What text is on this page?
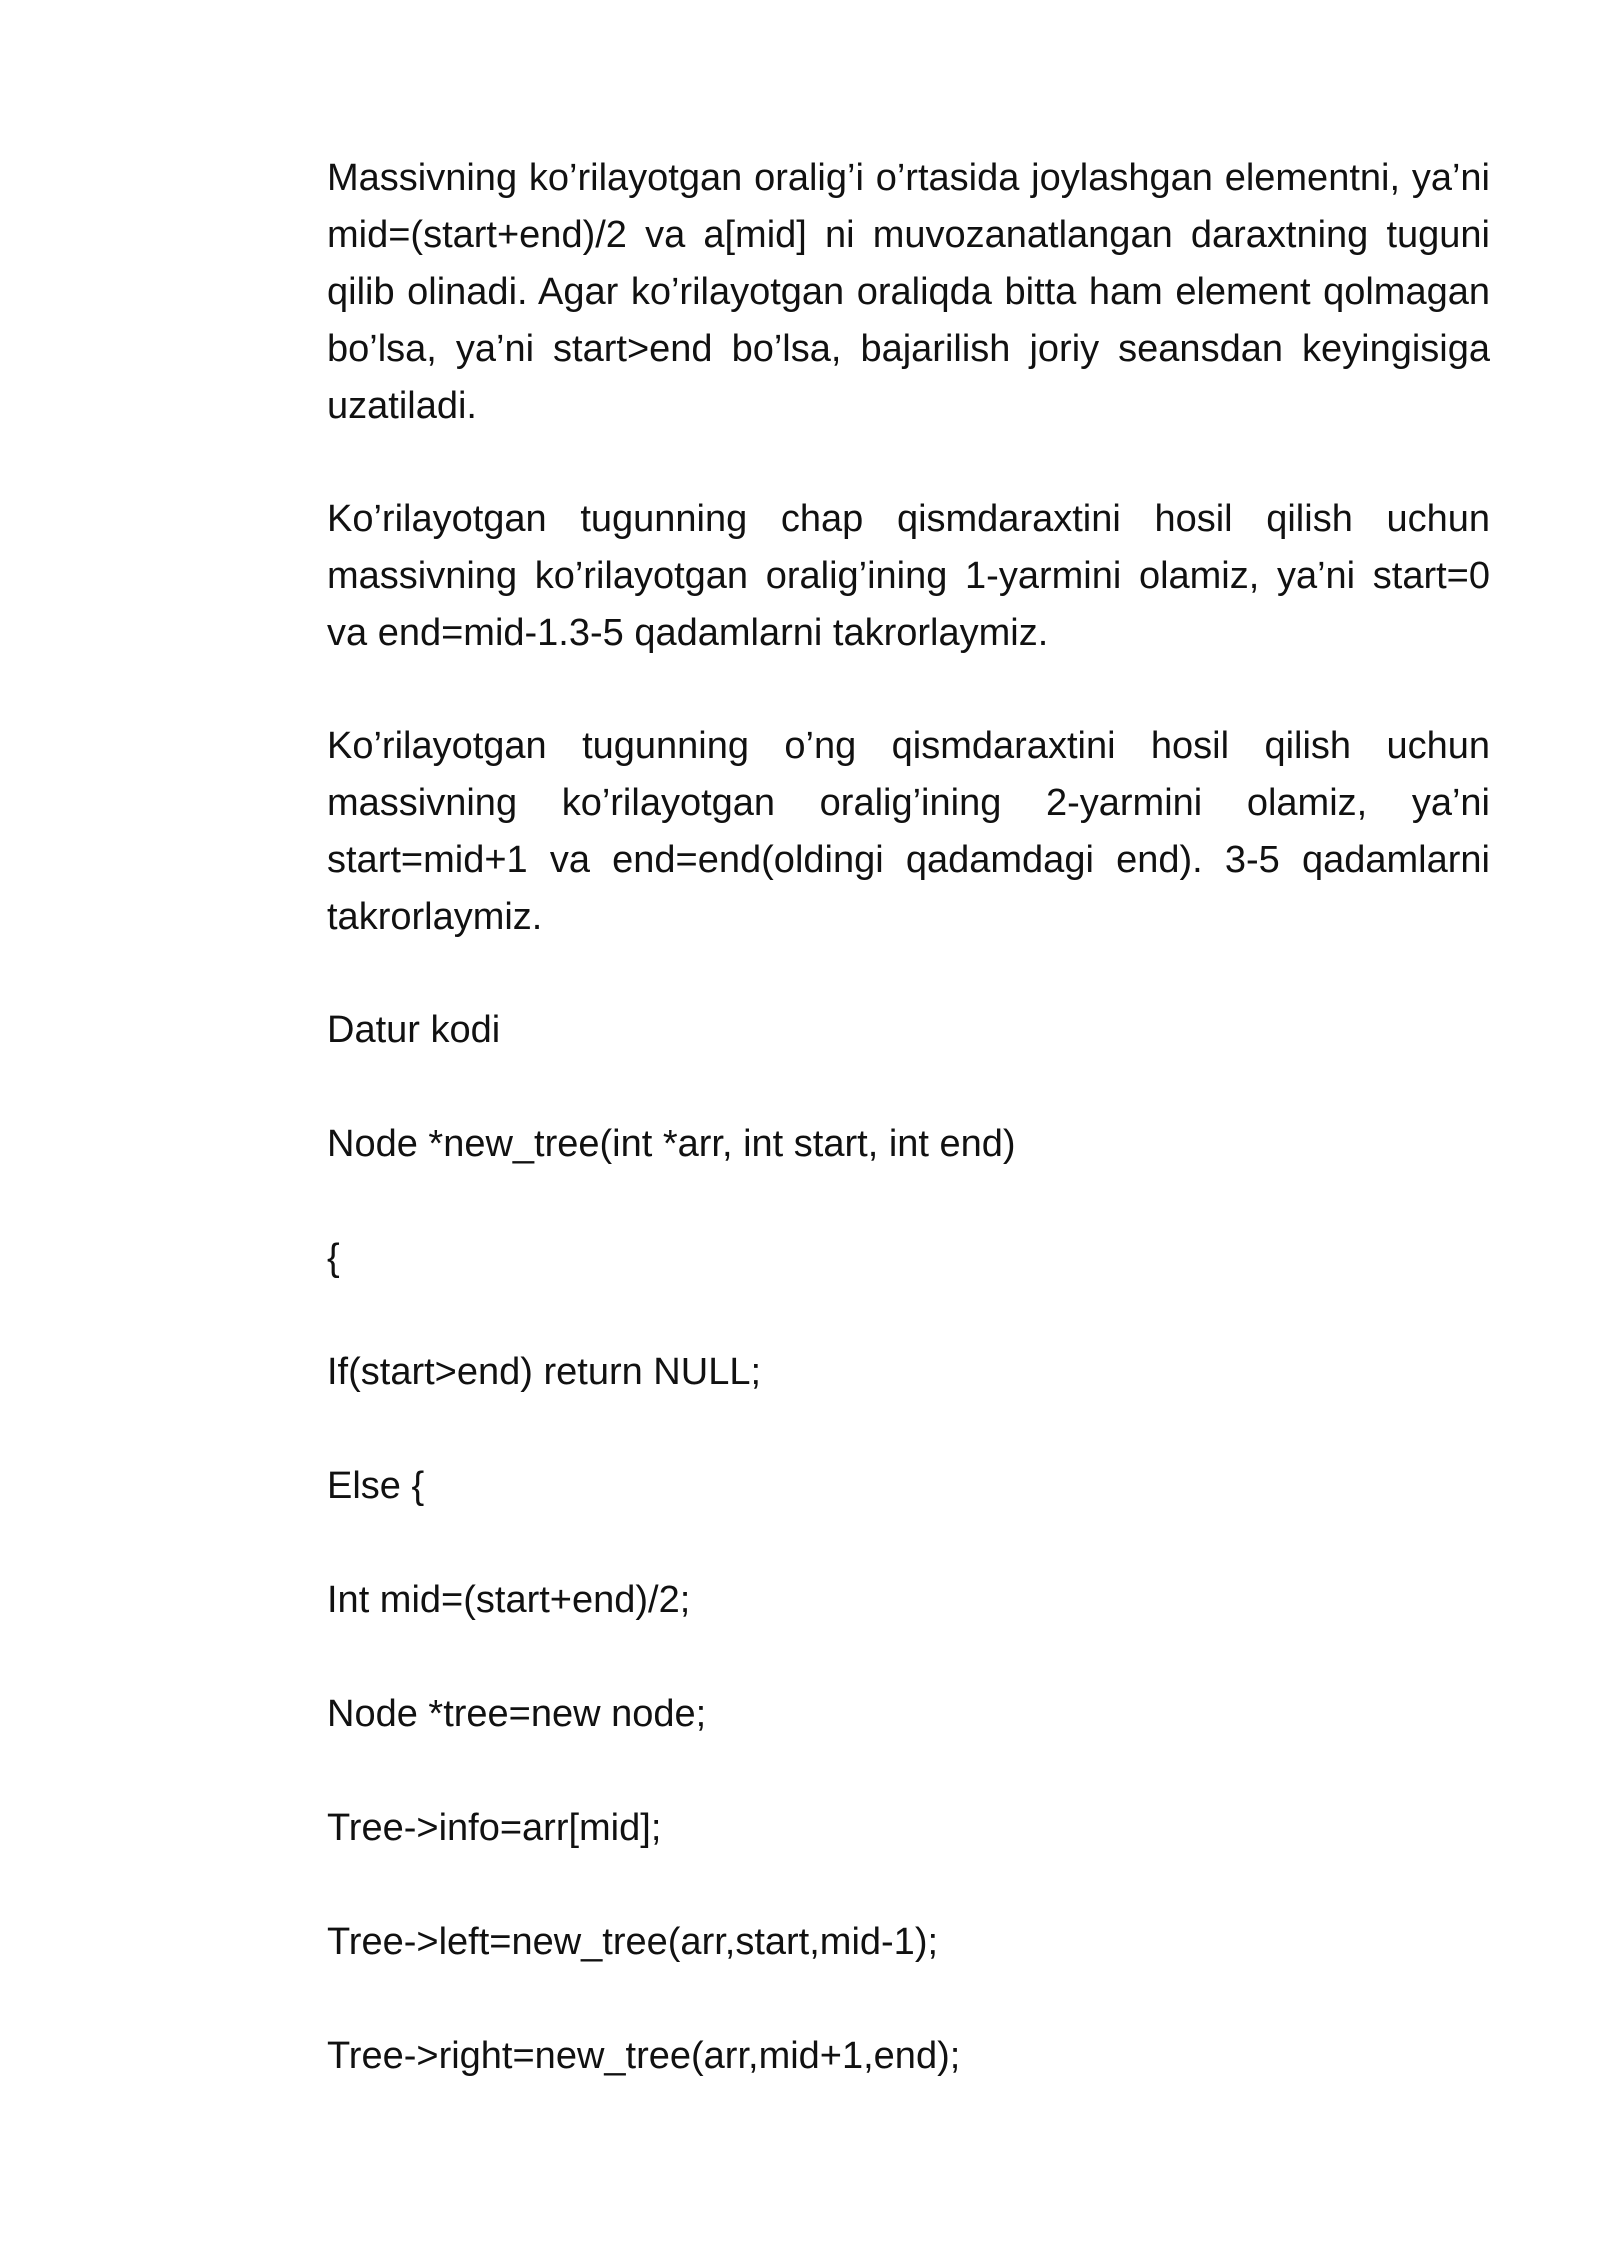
Massivning ko’rilayotgan oralig’i o’rtasida joylashgan elementni, ya’ni mid=(start+end)/2 va a[mid] ni muvozanatlangan daraxtning tuguni qilib olinadi. Agar ko’rilayotgan oraliqda bitta ham element qolmagan bo’lsa, ya’ni start>end bo’lsa, bajarilish joriy seansdan keyingisiga uzatiladi.

Ko’rilayotgan tugunning chap qismdaraxtini hosil qilish uchun massivning ko’rilayotgan oralig’ining 1-yarmini olamiz, ya’ni start=0 va end=mid-1.3-5 qadamlarni takrorlaymiz.

Ko’rilayotgan tugunning o’ng qismdaraxtini hosil qilish uchun massivning ko’rilayotgan oralig’ining 2-yarmini olamiz, ya’ni start=mid+1 va end=end(oldingi qadamdagi end). 3-5 qadamlarni takrorlaymiz.

Datur kodi
Node *new_tree(int *arr, int start, int end)
{
If(start>end) return NULL;
Else {
Int mid=(start+end)/2;
Node *tree=new node;
Tree->info=arr[mid];
Tree->left=new_tree(arr,start,mid-1);
Tree->right=new_tree(arr,mid+1,end);
